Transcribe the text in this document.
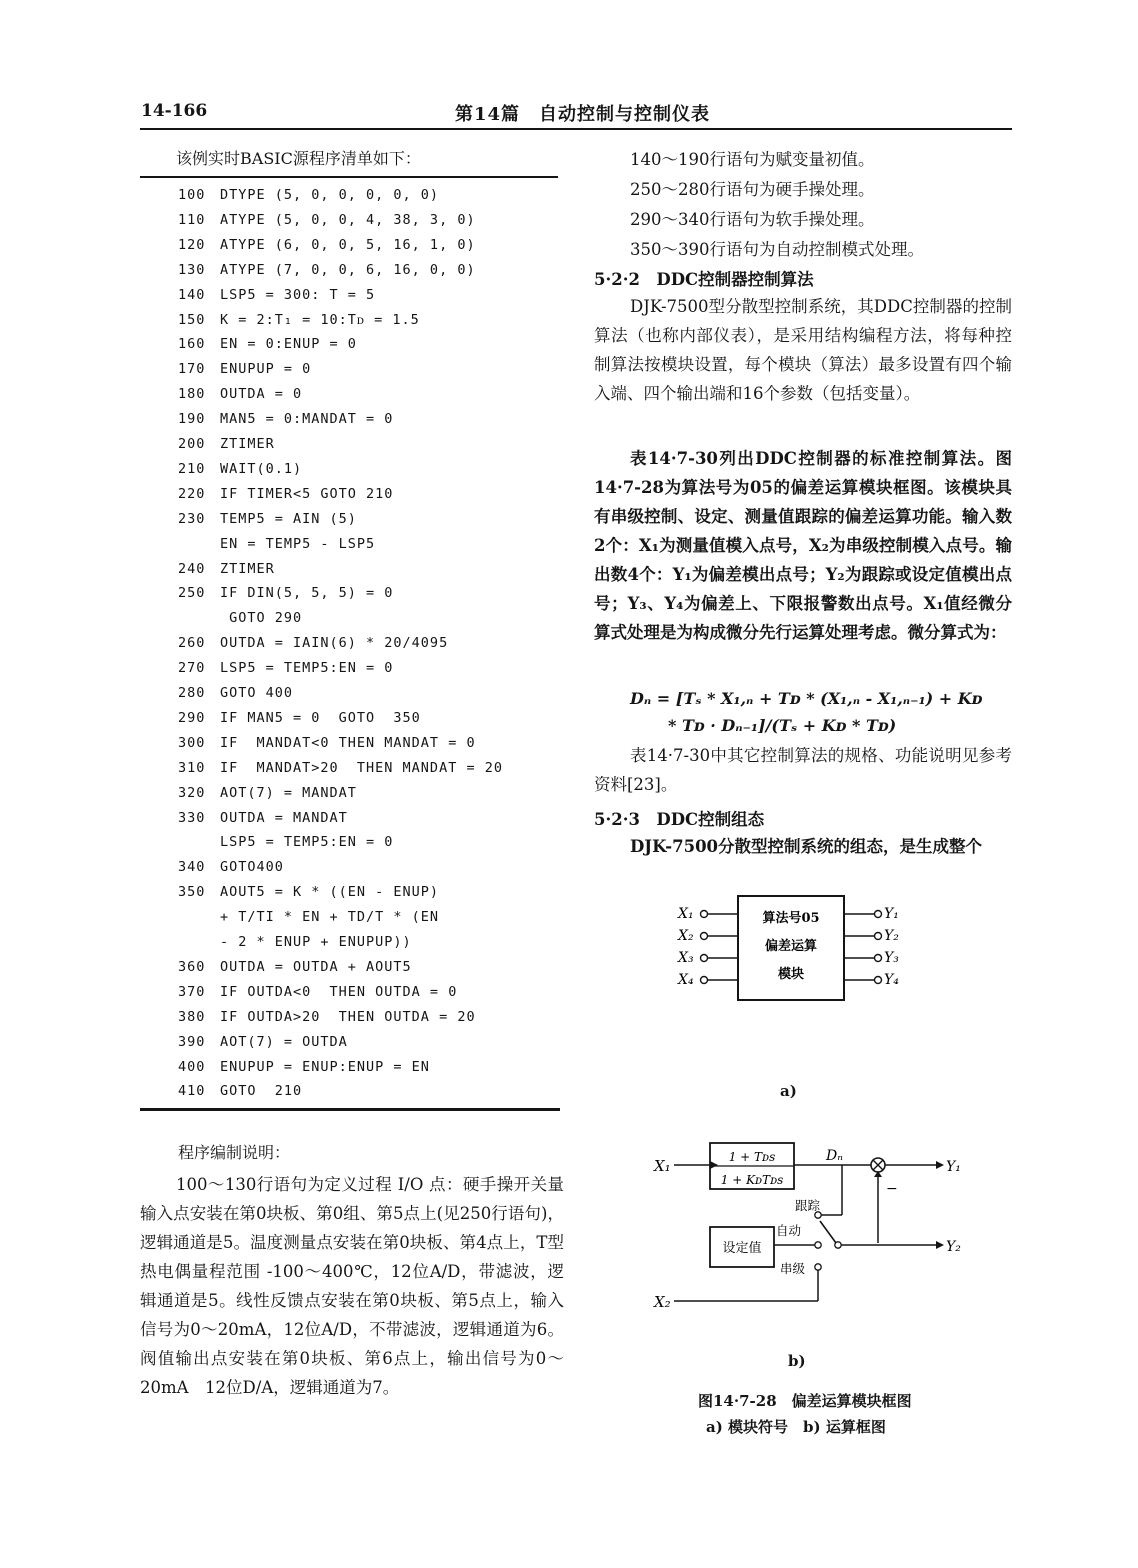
14-166	第14篇　自动控制与控制仪表
该例实时BASIC源程序清单如下：
100	DTYPE (5, 0, 0, 0, 0, 0)
110	ATYPE (5, 0, 0, 4, 38, 3, 0)
120	ATYPE (6, 0, 0, 5, 16, 1, 0)
130	ATYPE (7, 0, 0, 6, 16, 0, 0)
140	LSP5 = 300: T = 5
150	K = 2:T₁ = 10:Tᴅ = 1.5
160	EN = 0:ENUP = 0
170	ENUPUP = 0
180	OUTDA = 0
190	MAN5 = 0:MANDAT = 0
200	ZTIMER
210	WAIT(0.1)
220	IF TIMER<5 GOTO 210
230	TEMP5 = AIN (5)
EN = TEMP5 - LSP5
240	ZTIMER
250	IF DIN(5, 5, 5) = 0
GOTO 290
260	OUTDA = IAIN(6) * 20/4095
270	LSP5 = TEMP5:EN = 0
280	GOTO 400
290	IF MAN5 = 0  GOTO  350
300	IF  MANDAT<0 THEN MANDAT = 0
310	IF  MANDAT>20  THEN MANDAT = 20
320	AOT(7) = MANDAT
330	OUTDA = MANDAT
LSP5 = TEMP5:EN = 0
340	GOTO400
350	AOUT5 = K * ((EN - ENUP)
+ T/TI * EN + TD/T * (EN
- 2 * ENUP + ENUPUP))
360	OUTDA = OUTDA + AOUT5
370	IF OUTDA<0  THEN OUTDA = 0
380	IF OUTDA>20  THEN OUTDA = 20
390	AOT(7) = OUTDA
400	ENUPUP = ENUP:ENUP = EN
410	GOTO  210
程序编制说明：
100～130行语句为定义过程 I/O 点：硬手操开关量输入点安装在第0块板、第0组、第5点上(见250行语句)，逻辑通道是5。温度测量点安装在第0块板、第4点上，T型热电偶量程范围 -100～400℃，12位A/D，带滤波，逻辑通道是5。线性反馈点安装在第0块板、第5点上，输入信号为0～20mA，12位A/D，不带滤波，逻辑通道为6。阀值输出点安装在第0块板、第6点上，输出信号为0～20mA　12位D/A，逻辑通道为7。
140～190行语句为赋变量初值。
250～280行语句为硬手操处理。
290～340行语句为软手操处理。
350～390行语句为自动控制模式处理。
5·2·2　DDC控制器控制算法
DJK-7500型分散型控制系统，其DDC控制器的控制算法（也称内部仪表），是采用结构编程方法，将每种控制算法按模块设置，每个模块（算法）最多设置有四个输入端、四个输出端和16个参数（包括变量）。
表14·7-30列出DDC控制器的标准控制算法。图14·7-28为算法号为05的偏差运算模块框图。该模块具有串级控制、设定、测量值跟踪的偏差运算功能。输入数2个：X₁为测量值模入点号，X₂为串级控制模入点号。输出数4个：Y₁为偏差模出点号；Y₂为跟踪或设定值模出点号；Y₃、Y₄为偏差上、下限报警数出点号。X₁值经微分算式处理是为构成微分先行运算处理考虑。微分算式为：
Dₙ = [Tₛ * X₁,ₙ + Tᴅ * (X₁,ₙ - X₁,ₙ₋₁) + Kᴅ
* Tᴅ · Dₙ₋₁]/(Tₛ + Kᴅ * Tᴅ)
表14·7-30中其它控制算法的规格、功能说明见参考资料[23]。
5·2·3　DDC控制组态
DJK-7500分散型控制系统的组态，是生成整个
算法号05
偏差运算
模块
X₁
X₂
X₃
X₄
Y₁
Y₂
Y₃
Y₄
a)
X₁	1 + Tᴅs
1 + KᴅTᴅs
Dₙ
Y₁
跟踪
−
设定值
自动
Y₂
串级
X₂
b)
图14·7-28　偏差运算模块框图
a) 模块符号　b) 运算框图
